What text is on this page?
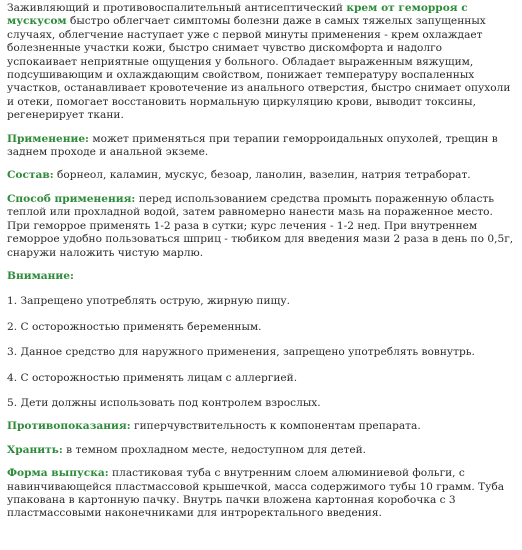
Заживляющий и противовоспалительный антисептический крем от геморроя с мускусом быстро облегчает симптомы болезни даже в самых тяжелых запущенных случаях, облегчение наступает уже с первой минуты применения - крем охлаждает болезненные участки кожи, быстро снимает чувство дискомфорта и надолго успокаивает неприятные ощущения у больного. Обладает выраженным вяжущим, подсушивающим и охлаждающим свойством, понижает температуру воспаленных участков, останавливает кровотечение из анального отверстия, быстро снимает опухоли и отеки, помогает восстановить нормальную циркуляцию крови, выводит токсины, регенерирует ткани.

Применение: может применяться при терапии геморроидальных опухолей, трещин в заднем проходе и анальной экземе.

Состав: борнеол, каламин, мускус, безоар, ланолин, вазелин, натрия тетраборат.

Способ применения: перед использованием средства промыть пораженную область теплой или прохладной водой, затем равномерно нанести мазь на пораженное место. При геморрое применять 1-2 раза в сутки; курс лечения - 1-2 нед. При внутреннем геморрое удобно пользоваться шприц - тюбиком для введения мази 2 раза в день по 0,5г, снаружи наложить чистую марлю.

Внимание:

1. Запрещено употреблять острую, жирную пищу.

2. С осторожностью применять беременным.

3. Данное средство для наружного применения, запрещено употреблять вовнутрь.

4. С осторожностью применять лицам с аллергией.

5. Дети должны использовать под контролем взрослых.

Противопоказания: гиперчувствительность к компонентам препарата.

Хранить: в темном прохладном месте, недоступном для детей.

Форма выпуска: пластиковая туба с внутренним слоем алюминиевой фольги, с навинчивающейся пластмассовой крышечкой, масса содержимого тубы 10 грамм. Туба упакована в картонную пачку. Внутрь пачки вложена картонная коробочка с 3 пластмассовыми наконечниками для интроректального введения.
